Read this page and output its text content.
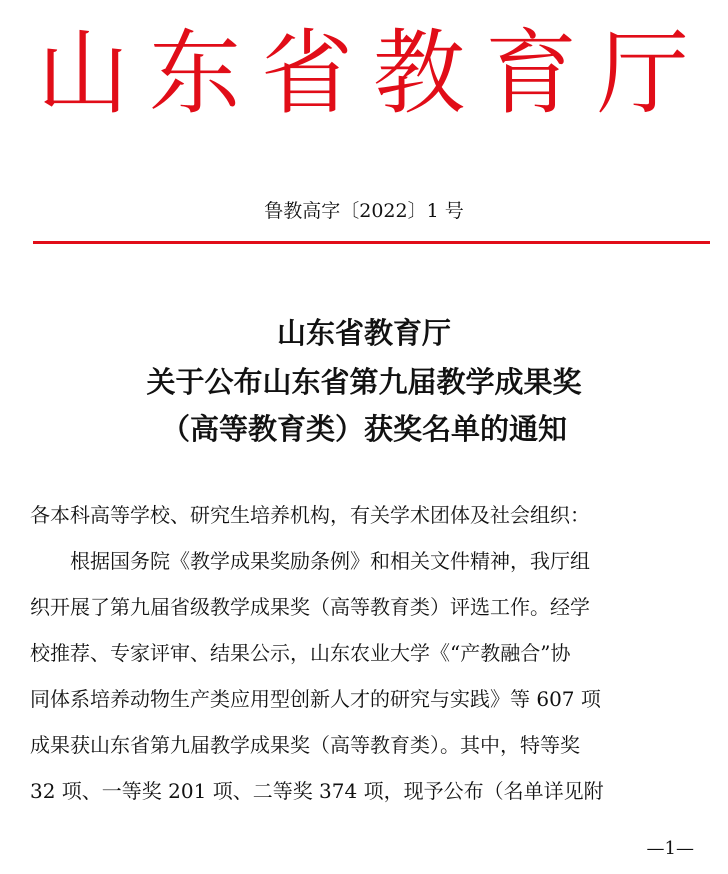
山东省教育厅
鲁教高字〔2022〕1 号
山东省教育厅
关于公布山东省第九届教学成果奖
（高等教育类）获奖名单的通知
各本科高等学校、研究生培养机构，有关学术团体及社会组织：
根据国务院《教学成果奖励条例》和相关文件精神，我厅组
织开展了第九届省级教学成果奖（高等教育类）评选工作。经学
校推荐、专家评审、结果公示，山东农业大学《“产教融合”协
同体系培养动物生产类应用型创新人才的研究与实践》等 607 项
成果获山东省第九届教学成果奖（高等教育类）。其中，特等奖
32 项、一等奖 201 项、二等奖 374 项，现予公布（名单详见附
—1—
